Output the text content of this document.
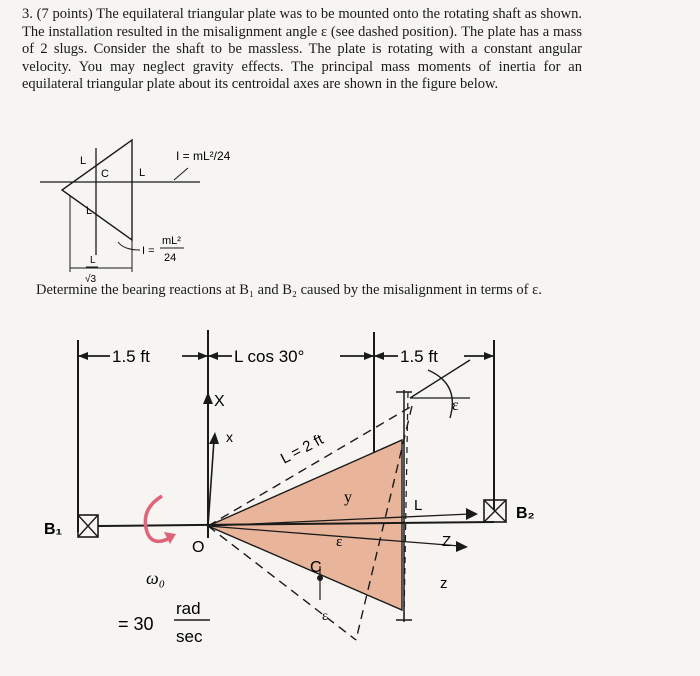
3. (7 points) The equilateral triangular plate was to be mounted onto the rotating shaft as shown. The installation resulted in the misalignment angle ε (see dashed position). The plate has a mass of 2 slugs. Consider the shaft to be massless. The plate is rotating with a constant angular velocity. You may neglect gravity effects. The principal mass moments of inertia for an equilateral triangular plate about its centroidal axes are shown in the figure below.
L
C	L
L
I = mL²/24
I =
mL²
24
L
√3
Determine the bearing reactions at B₁ and B₂ caused by the misalignment in terms of ε.
1.5 ft	L cos 30°	1.5 ft
X
x
B₁
B₂
L = 2 ft
ε
y	L
ε
C
ε
O	Z
z
ω₀
= 30
rad
sec
